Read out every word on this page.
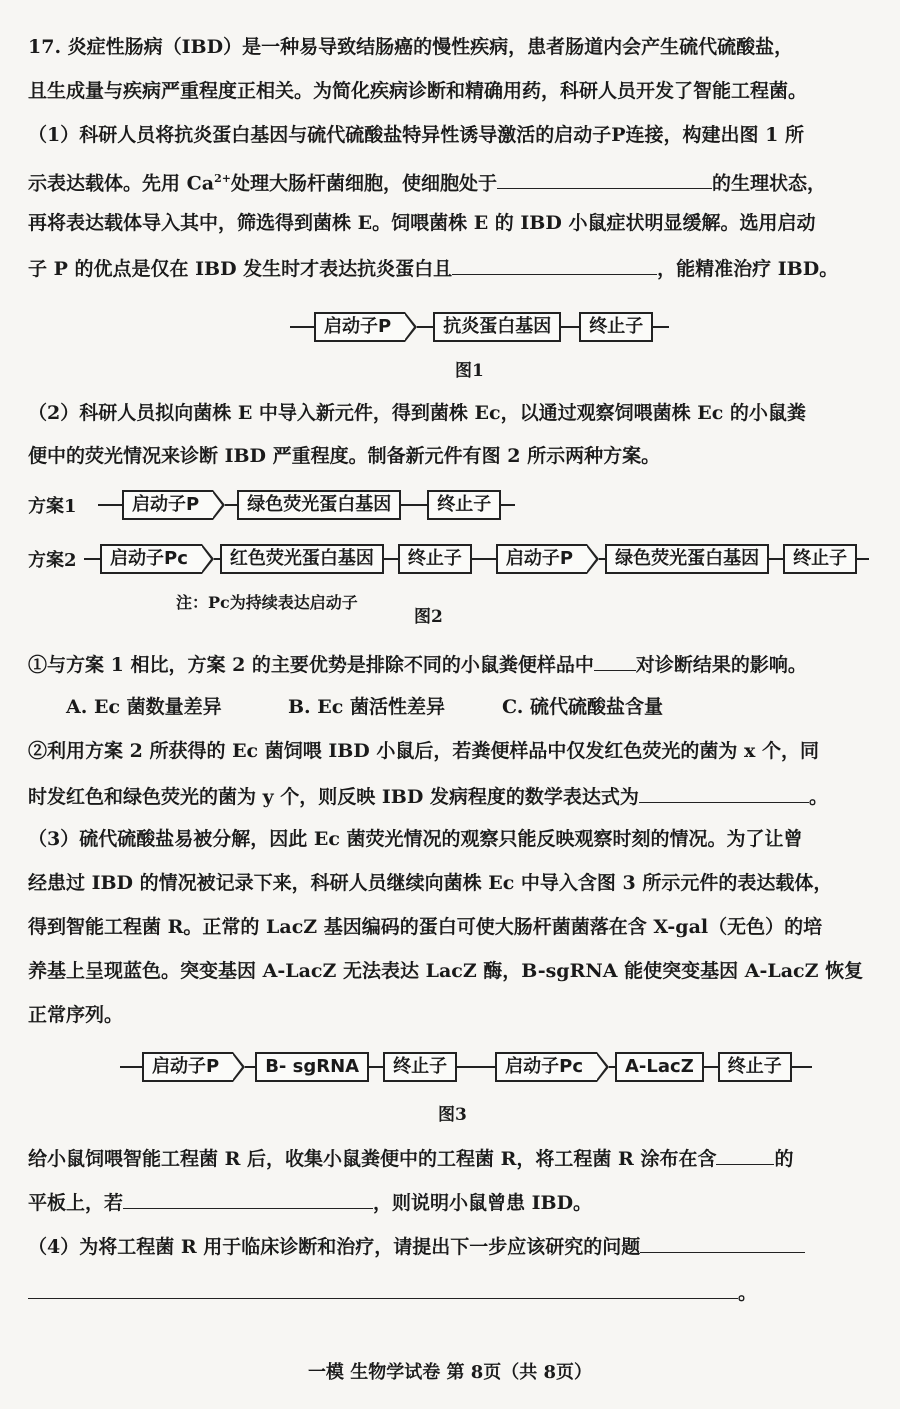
17. 炎症性肠病（IBD）是一种易导致结肠癌的慢性疾病，患者肠道内会产生硫代硫酸盐，
且生成量与疾病严重程度正相关。为简化疾病诊断和精确用药，科研人员开发了智能工程菌。
（1）科研人员将抗炎蛋白基因与硫代硫酸盐特异性诱导激活的启动子P连接，构建出图 1 所
示表达载体。先用 $Ca^{2+}$处理大肠杆菌细胞，使细胞处于	的生理状态，
再将表达载体导入其中，筛选得到菌株 E。饲喂菌株 E 的 IBD 小鼠症状明显缓解。选用启动
子 P 的优点是仅在 IBD 发生时才表达抗炎蛋白且	，能精准治疗 IBD。
启动子P	抗炎蛋白基因	终止子
图1
（2）科研人员拟向菌株 E 中导入新元件，得到菌株 Ec，以通过观察饲喂菌株 Ec 的小鼠粪
便中的荧光情况来诊断 IBD 严重程度。制备新元件有图 2 所示两种方案。
方案1	启动子P	绿色荧光蛋白基因	终止子
方案2	启动子Pc	红色荧光蛋白基因	终止子	启动子P	绿色荧光蛋白基因	终止子
注：Pc为持续表达启动子
图2
①与方案 1 相比，方案 2 的主要优势是排除不同的小鼠粪便样品中 对诊断结果的影响。
A. Ec 菌数量差异	B. Ec 菌活性差异	C. 硫代硫酸盐含量
②利用方案 2 所获得的 Ec 菌饲喂 IBD 小鼠后，若粪便样品中仅发红色荧光的菌为 x 个，同
时发红色和绿色荧光的菌为 y 个，则反映 IBD 发病程度的数学表达式为	。
（3）硫代硫酸盐易被分解，因此 Ec 菌荧光情况的观察只能反映观察时刻的情况。为了让曾
经患过 IBD 的情况被记录下来，科研人员继续向菌株 Ec 中导入含图 3 所示元件的表达载体，
得到智能工程菌 R。正常的 LacZ 基因编码的蛋白可使大肠杆菌菌落在含 X-gal（无色）的培
养基上呈现蓝色。突变基因 A-LacZ 无法表达 LacZ 酶，B-sgRNA 能使突变基因 A-LacZ 恢复
正常序列。
启动子P	B- sgRNA	终止子	启动子Pc	A-LacZ	终止子
图3
给小鼠饲喂智能工程菌 R 后，收集小鼠粪便中的工程菌 R，将工程菌 R 涂布在含	的
平板上，若	，则说明小鼠曾患 IBD。
（4）为将工程菌 R 用于临床诊断和治疗，请提出下一步应该研究的问题
。
一模 生物学试卷 第 8页（共 8页）
